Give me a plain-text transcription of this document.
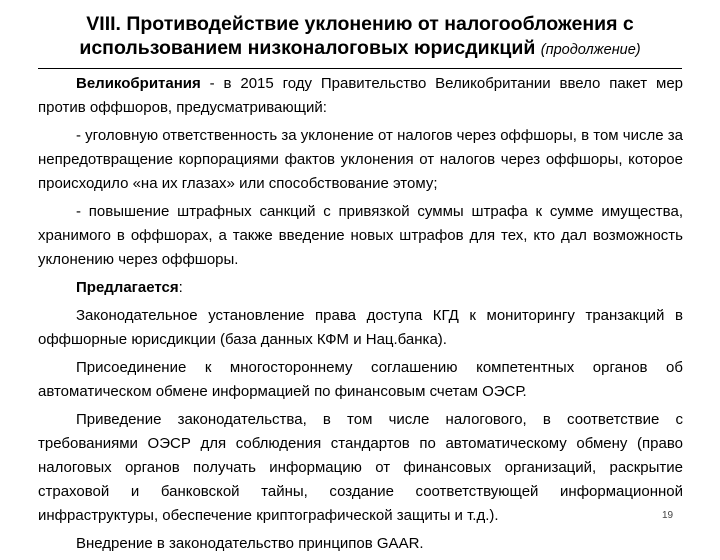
VIII. Противодействие уклонению от налогообложения с
использованием низконалоговых юрисдикций (продолжение)

Великобритания - в 2015 году Правительство Великобритании ввело пакет мер против оффшоров, предусматривающий:

- уголовную ответственность за уклонение от налогов через оффшоры, в том числе за непредотвращение корпорациями фактов уклонения от налогов через оффшоры, которое происходило «на их глазах» или способствование этому;

- повышение штрафных санкций с привязкой суммы штрафа к сумме имущества, хранимого в оффшорах, а также введение новых штрафов для тех, кто дал возможность уклонению через оффшоры.

Предлагается:

Законодательное установление права доступа КГД к мониторингу транзакций в оффшорные юрисдикции (база данных КФМ и Нац.банка).

Присоединение к многостороннему соглашению компетентных органов об автоматическом обмене информацией по финансовым счетам ОЭСР.

Приведение законодательства, в том числе налогового, в соответствие с требованиями ОЭСР для соблюдения стандартов по автоматическому обмену (право налоговых органов получать информацию от финансовых организаций, раскрытие страховой и банковской тайны, создание соответствующей информационной инфраструктуры, обеспечение криптографической защиты и т.д.).

Внедрение в законодательство принципов GAAR.

19
